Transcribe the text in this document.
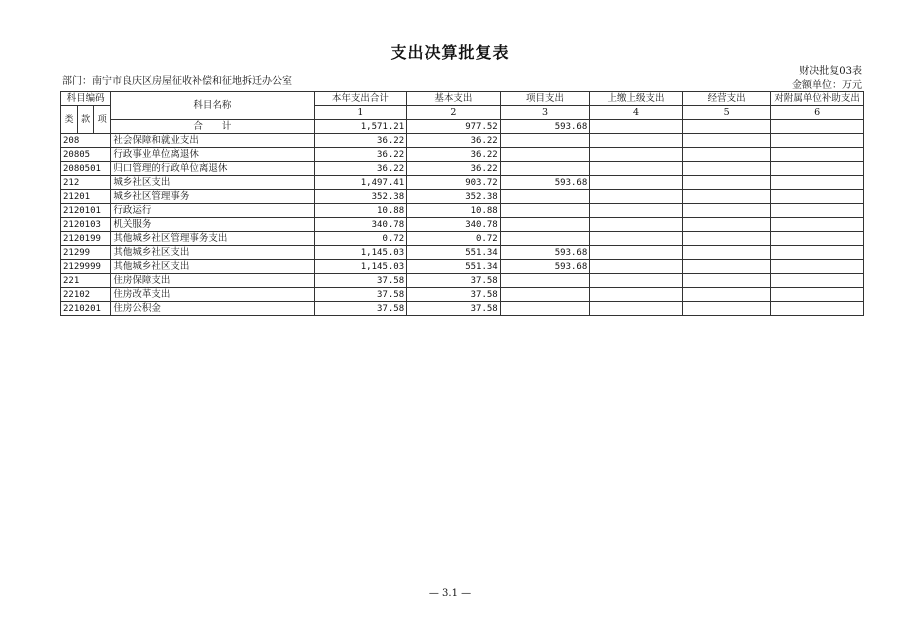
支出决算批复表
财决批复03表
金额单位：万元
部门：南宁市良庆区房屋征收补偿和征地拆迁办公室
科目编码			科目名称	本年支出合计	基本支出	项目支出	上缴上级支出	经营支出	对附属单位补助支出
类	款	项		1	2	3	4	5	6
			合　　计	1,571.21	977.52	593.68			
208			社会保障和就业支出	36.22	36.22				
20805			行政事业单位离退休	36.22	36.22				
2080501			归口管理的行政单位离退休	36.22	36.22				
212			城乡社区支出	1,497.41	903.72	593.68			
21201			城乡社区管理事务	352.38	352.38				
2120101			行政运行	10.88	10.88				
2120103			机关服务	340.78	340.78				
2120199			其他城乡社区管理事务支出	0.72	0.72				
21299			其他城乡社区支出	1,145.03	551.34	593.68			
2129999			其他城乡社区支出	1,145.03	551.34	593.68			
221			住房保障支出	37.58	37.58				
22102			住房改革支出	37.58	37.58				
2210201			住房公积金	37.58	37.58				
— 3.1 —
